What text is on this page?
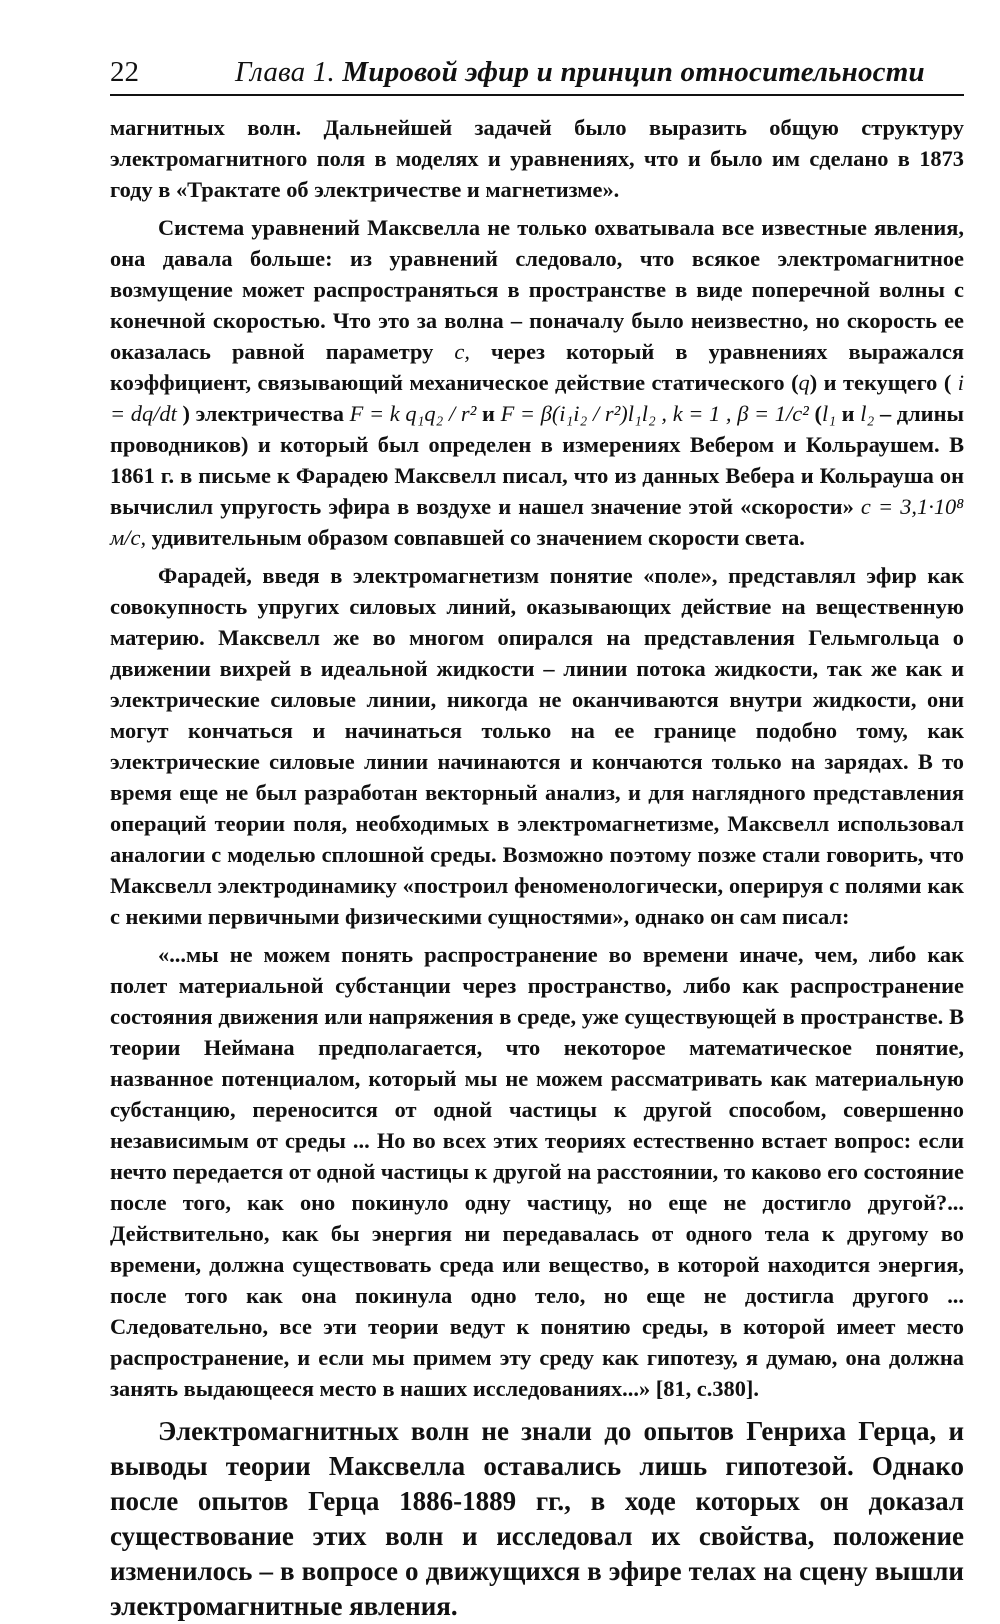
22	Глава 1. Мировой эфир и принцип относительности

магнитных волн. Дальнейшей задачей было выразить общую структуру электромагнитного поля в моделях и уравнениях, что и было им сделано в 1873 году в «Трактате об электричестве и магнетизме».

Система уравнений Максвелла не только охватывала все известные явления, она давала больше: из уравнений следовало, что всякое электромагнитное возмущение может распространяться в пространстве в виде поперечной волны с конечной скоростью. Что это за волна – поначалу было неизвестно, но скорость ее оказалась равной параметру c, через который в уравнениях выражался коэффициент, связывающий механическое действие статического (q) и текущего ( i = dq/dt ) электричества F = k q₁q₂ / r² и F = β(i₁i₂ / r²)l₁l₂ , k = 1 , β = 1/c² (l₁ и l₂ – длины проводников) и который был определен в измерениях Вебером и Кольраушем. В 1861 г. в письме к Фарадею Максвелл писал, что из данных Вебера и Кольрауша он вычислил упругость эфира в воздухе и нашел значение этой «скорости» c = 3,1·10⁸ м/с, удивительным образом совпавшей со значением скорости света.

Фарадей, введя в электромагнетизм понятие «поле», представлял эфир как совокупность упругих силовых линий, оказывающих действие на вещественную материю. Максвелл же во многом опирался на представления Гельмгольца о движении вихрей в идеальной жидкости – линии потока жидкости, так же как и электрические силовые линии, никогда не оканчиваются внутри жидкости, они могут кончаться и начинаться только на ее границе подобно тому, как электрические силовые линии начинаются и кончаются только на зарядах. В то время еще не был разработан векторный анализ, и для наглядного представления операций теории поля, необходимых в электромагнетизме, Максвелл использовал аналогии с моделью сплошной среды. Возможно поэтому позже стали говорить, что Максвелл электродинамику «построил феноменологически, оперируя с полями как с некими первичными физическими сущностями», однако он сам писал:

«...мы не можем понять распространение во времени иначе, чем, либо как полет материальной субстанции через пространство, либо как распространение состояния движения или напряжения в среде, уже существующей в пространстве. В теории Неймана предполагается, что некоторое математическое понятие, названное потенциалом, который мы не можем рассматривать как материальную субстанцию, переносится от одной частицы к другой способом, совершенно независимым от среды ... Но во всех этих теориях естественно встает вопрос: если нечто передается от одной частицы к другой на расстоянии, то каково его состояние после того, как оно покинуло одну частицу, но еще не достигло другой?... Действительно, как бы энергия ни передавалась от одного тела к другому во времени, должна существовать среда или вещество, в которой находится энергия, после того как она покинула одно тело, но еще не достигла другого ... Следовательно, все эти теории ведут к понятию среды, в которой имеет место распространение, и если мы примем эту среду как гипотезу, я думаю, она должна занять выдающееся место в наших исследованиях...» [81, с.380].

Электромагнитных волн не знали до опытов Генриха Герца, и выводы теории Максвелла оставались лишь гипотезой. Однако после опытов Герца 1886-1889 гг., в ходе которых он доказал существование этих волн и исследовал их свойства, положение изменилось – в вопросе о движущихся в эфире телах на сцену вышли электромагнитные явления.
